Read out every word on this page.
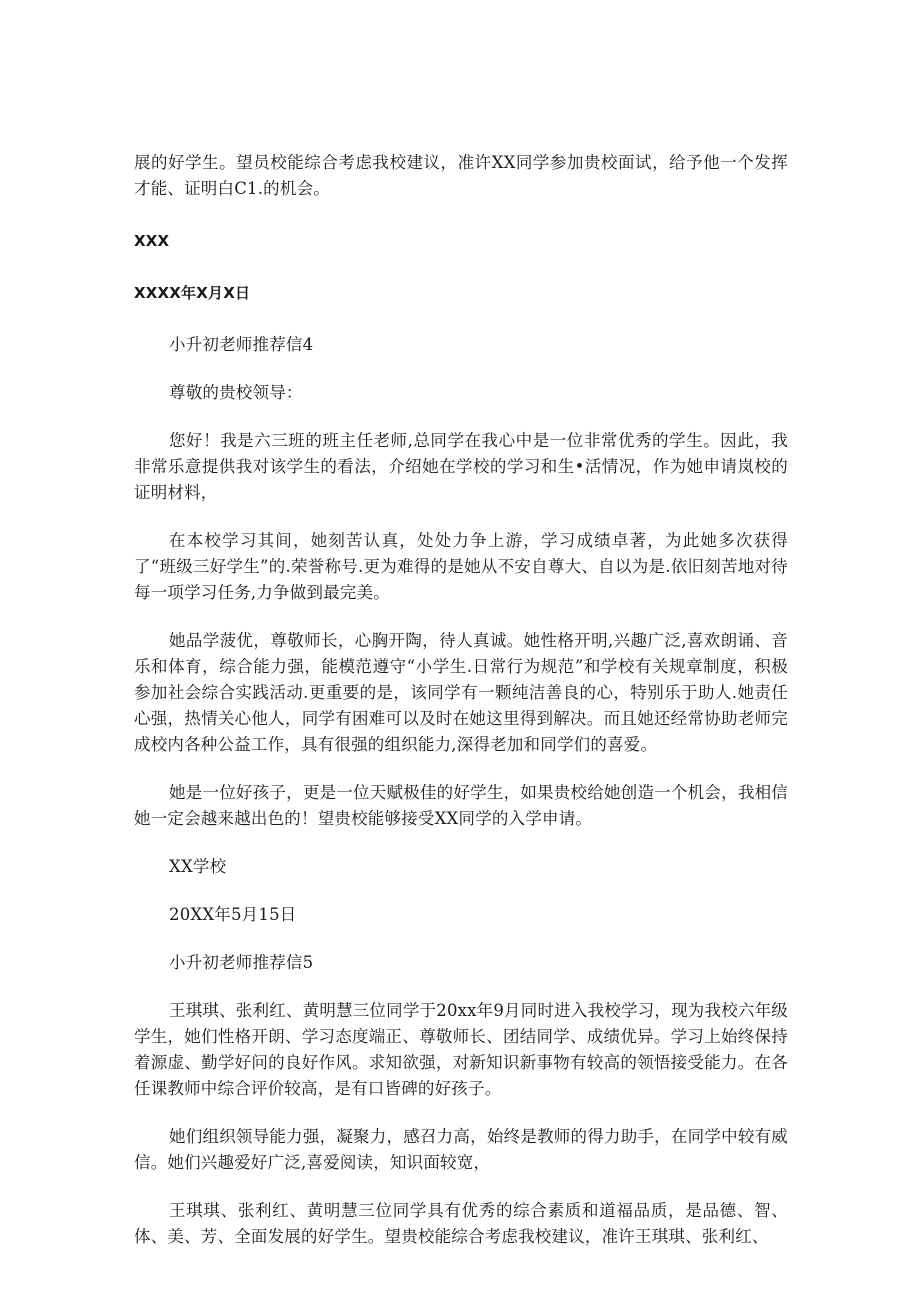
展的好学生。望员校能综合考虑我校建议，准许XX同学参加贵校面试，给予他一个发挥才能、证明白C1.的机会。

XXX

XXXX年X月X日

小升初老师推荐信4

尊敬的贵校领导：

您好！我是六三班的班主任老师,总同学在我心中是一位非常优秀的学生。因此，我非常乐意提供我对该学生的看法，介绍她在学校的学习和生•活情况，作为她申请岚校的证明材料，

在本校学习其间，她刻苦认真，处处力争上游，学习成绩卓著，为此她多次获得了“班级三好学生”的.荣誉称号.更为难得的是她从不安自尊大、自以为是.依旧刻苦地对待每一项学习任务,力争做到最完美。

她品学菠优，尊敬师长，心胸开陶，待人真诚。她性格开明,兴趣广泛,喜欢朗诵、音乐和体育，综合能力强，能模范遵守“小学生.日常行为规范”和学校有关规章制度，积极参加社会综合实践活动.更重要的是，该同学有一颗纯洁善良的心，特别乐于助人.她责任心强，热情关心他人，同学有困难可以及时在她这里得到解决。而且她还经常协助老师完成校内各种公益工作，具有很强的组织能力,深得老加和同学们的喜爱。

她是一位好孩子，更是一位天赋极佳的好学生，如果贵校给她创造一个机会，我相信她一定会越来越出色的！望贵校能够接受XX同学的入学申请。

XX学校

20XX年5月15日

小升初老师推荐信5

王琪琪、张利红、黄明慧三位同学于20xx年9月同时进入我校学习，现为我校六年级学生，她们性格开朗、学习态度端正、尊敬师长、团结同学、成绩优异。学习上始终保持着源虚、勤学好问的良好作风。求知欲强，对新知识新事物有较高的领悟接受能力。在各任课教师中综合评价较高，是有口皆碑的好孩子。

她们组织领导能力强，凝聚力，感召力高，始终是教师的得力助手，在同学中较有威信。她们兴趣爱好广泛,喜爱阅读，知识面较宽，

王琪琪、张利红、黄明慧三位同学具有优秀的综合素质和道福品质，是品德、智、体、美、芳、全面发展的好学生。望贵校能综合考虑我校建议，准许王琪琪、张利红、
